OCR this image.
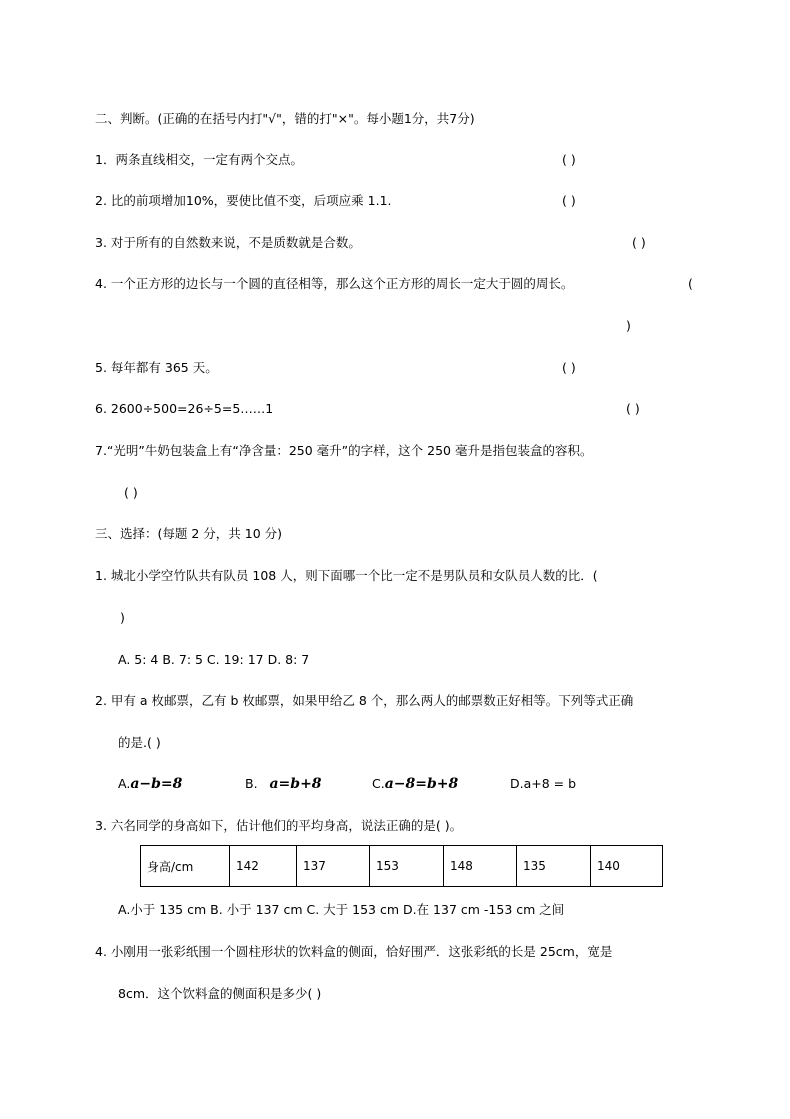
二、判断。(正确的在括号内打"√"，错的打"×"。每小题1分，共7分)
1．两条直线相交，一定有两个交点。	( )
2. 比的前项增加10%，要使比值不变，后项应乘 1.1.	( )
3. 对于所有的自然数来说，不是质数就是合数。	( )
4. 一个正方形的边长与一个圆的直径相等，那么这个正方形的周长一定大于圆的周长。	(
)
5. 每年都有 365 天。	( )
6. 2600÷500=26÷5=5……1	( )
7.“光明”牛奶包装盒上有“净含量：250 毫升”的字样，这个 250 毫升是指包装盒的容积。
( )
三、选择：(每题 2 分，共 10 分)
1. 城北小学空竹队共有队员 108 人，则下面哪一个比一定不是男队员和女队员人数的比．(
)
A. 5: 4 B. 7: 5 C. 19: 17 D. 8: 7
2. 甲有 a 枚邮票，乙有 b 枚邮票，如果甲给乙 8 个，那么两人的邮票数正好相等。下列等式正确
的是.( )
A.a−b=8	B. a=b+8	C.a−8=b+8	D.a+8 = b
3. 六名同学的身高如下，估计他们的平均身高，说法正确的是( )。
身高/cm	142	137	153	148	135	140
A.小于 135 cm B. 小于 137 cm C. 大于 153 cm D.在 137 cm -153 cm 之间
4. 小刚用一张彩纸围一个圆柱形状的饮料盒的侧面，恰好围严．这张彩纸的长是 25cm，宽是
8cm．这个饮料盒的侧面积是多少( )
